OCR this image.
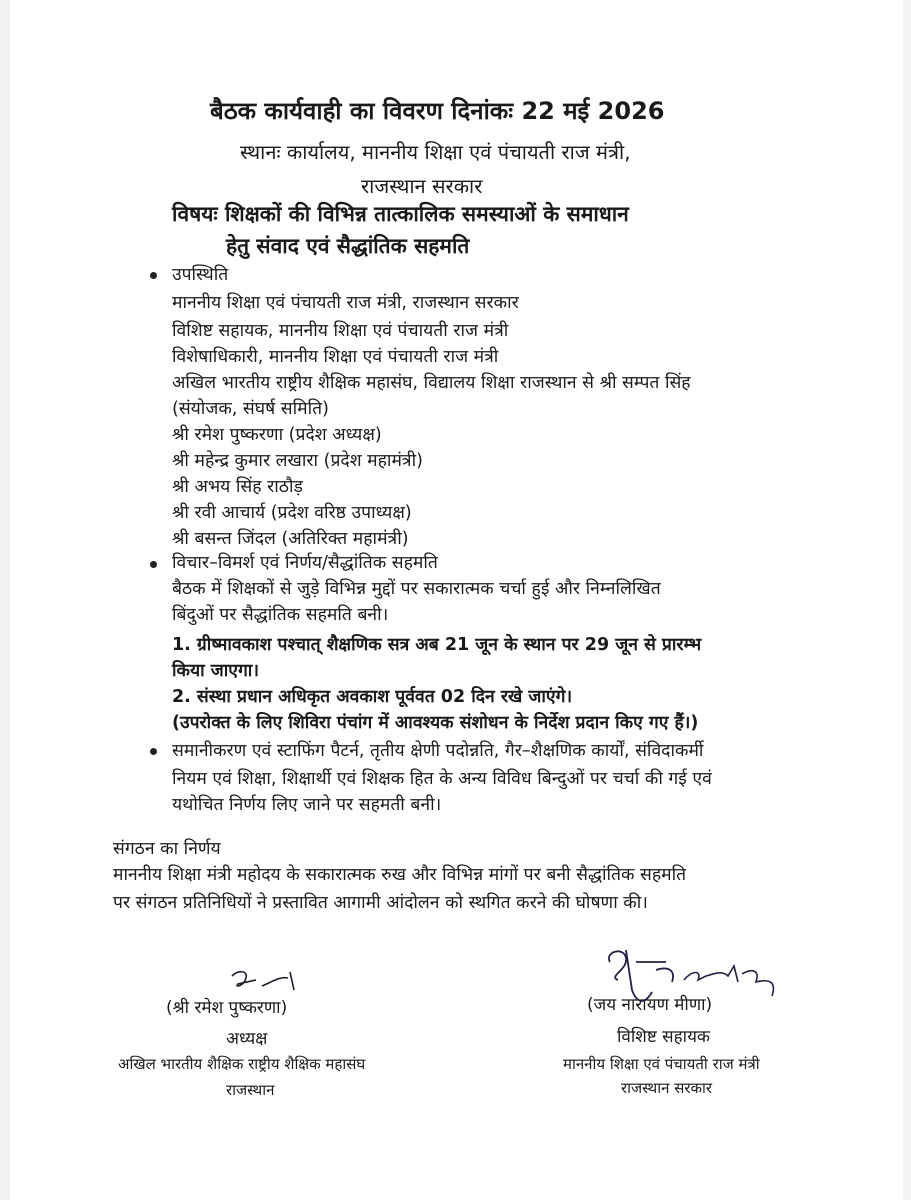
बैठक कार्यवाही का विवरण दिनांकः 22 मई 2026
स्थानः कार्यालय, माननीय शिक्षा एवं पंचायती राज मंत्री,
राजस्थान सरकार
विषयः शिक्षकों की विभिन्न तात्कालिक समस्याओं के समाधान
हेतु संवाद एवं सैद्धांतिक सहमति
उपस्थिति
माननीय शिक्षा एवं पंचायती राज मंत्री, राजस्थान सरकार
विशिष्ट सहायक, माननीय शिक्षा एवं पंचायती राज मंत्री
विशेषाधिकारी, माननीय शिक्षा एवं पंचायती राज मंत्री
अखिल भारतीय राष्ट्रीय शैक्षिक महासंघ, विद्यालय शिक्षा राजस्थान से श्री सम्पत सिंह
(संयोजक, संघर्ष समिति)
श्री रमेश पुष्करणा (प्रदेश अध्यक्ष)
श्री महेन्द्र कुमार लखारा (प्रदेश महामंत्री)
श्री अभय सिंह राठौड़
श्री रवी आचार्य (प्रदेश वरिष्ठ उपाध्यक्ष)
श्री बसन्त जिंदल (अतिरिक्त महामंत्री)
विचार–विमर्श एवं निर्णय/सैद्धांतिक सहमति
बैठक में शिक्षकों से जुड़े विभिन्न मुद्दों पर सकारात्मक चर्चा हुई और निम्नलिखित
बिंदुओं पर सैद्धांतिक सहमति बनी।
1. ग्रीष्मावकाश पश्चात् शैक्षणिक सत्र अब 21 जून के स्थान पर 29 जून से प्रारम्भ
किया जाएगा।
2. संस्था प्रधान अधिकृत अवकाश पूर्ववत 02 दिन रखे जाएंगे।
(उपरोक्त के लिए शिविरा पंचांग में आवश्यक संशोधन के निर्देश प्रदान किए गए हैं।)
समानीकरण एवं स्टाफिंग पैटर्न, तृतीय क्षेणी पदोन्नति, गैर–शैक्षणिक कार्यों, संविदाकर्मी
नियम एवं शिक्षा, शिक्षार्थी एवं शिक्षक हित के अन्य विविध बिन्दुओं पर चर्चा की गई एवं
यथोचित निर्णय लिए जाने पर सहमती बनी।
संगठन का निर्णय
माननीय शिक्षा मंत्री महोदय के सकारात्मक रुख और विभिन्न मांगों पर बनी सैद्धांतिक सहमति
पर संगठन प्रतिनिधियों ने प्रस्तावित आगामी आंदोलन को स्थगित करने की घोषणा की।
(श्री रमेश पुष्करणा)
अध्यक्ष
अखिल भारतीय शैक्षिक राष्ट्रीय शैक्षिक महासंघ
राजस्थान
(जय नारायण मीणा)
विशिष्ट सहायक
माननीय शिक्षा एवं पंचायती राज मंत्री
राजस्थान सरकार
